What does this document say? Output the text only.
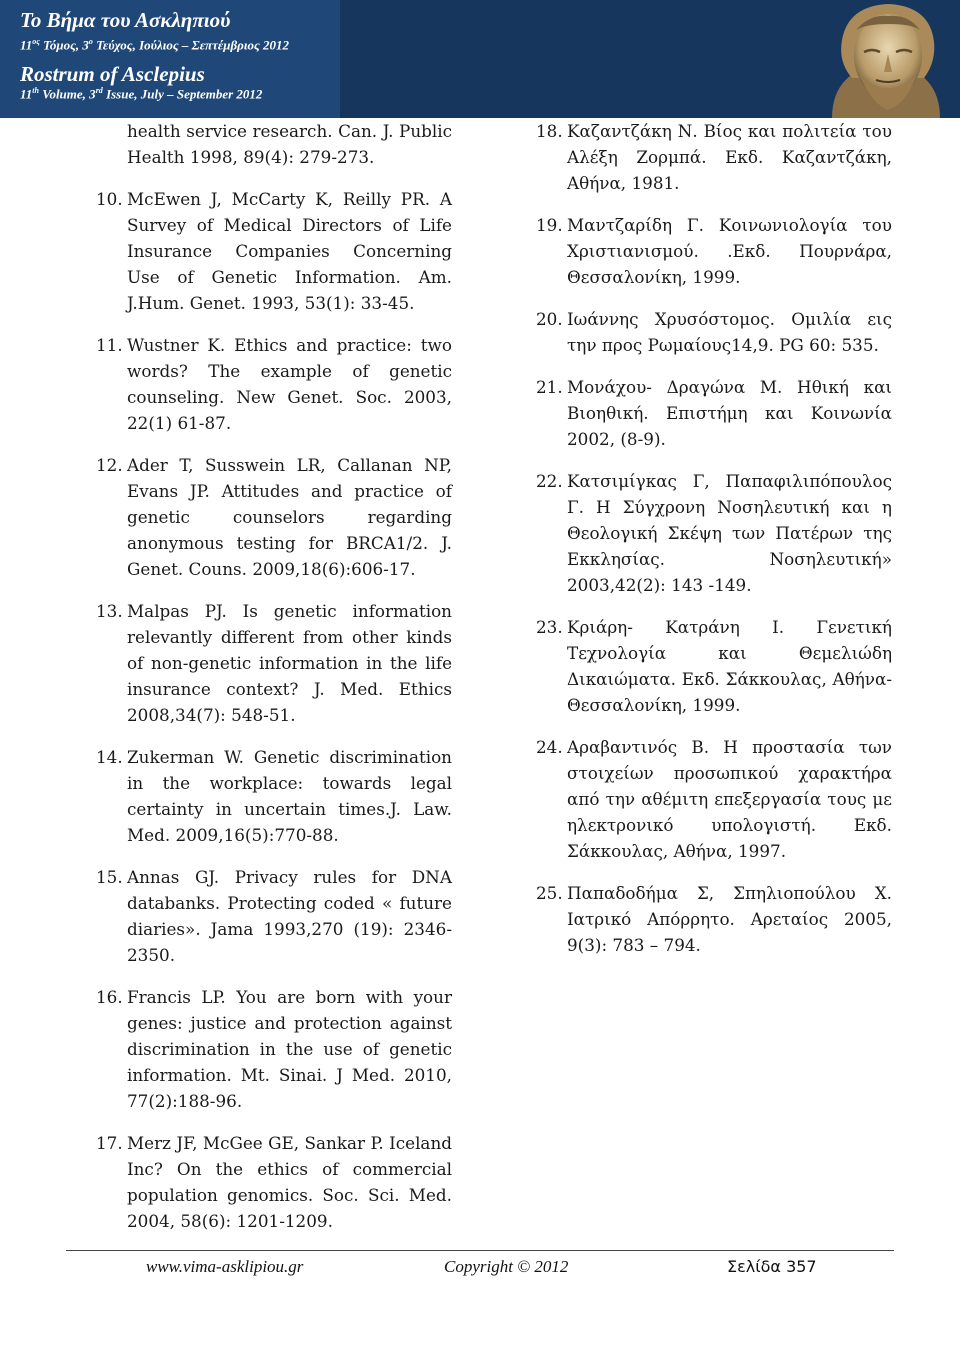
Το Βήμα του Ασκληπιού
$11^{o\varsigma}$ Τόμος, $3^o$ Τεύχος, Ιούλιος – Σεπτέμβριος 2012
Rostrum of Asclepius
11th Volume, 3rd Issue, July – September 2012
health service research. Can. J. Public Health 1998, 89(4): 279-273.
10. McEwen J, McCarty K, Reilly PR. A Survey of Medical Directors of Life Insurance Companies Concerning Use of Genetic Information. Am. J.Hum. Genet. 1993, 53(1): 33-45.
11. Wustner K. Ethics and practice: two words? The example of genetic counseling. New Genet. Soc. 2003, 22(1) 61-87.
12. Ader T, Susswein LR, Callanan NP, Evans JP. Attitudes and practice of genetic counselors regarding anonymous testing for BRCA1/2. J. Genet. Couns. 2009,18(6):606-17.
13. Malpas PJ. Is genetic information relevantly different from other kinds of non-genetic information in the life insurance context? J. Med. Ethics 2008,34(7): 548-51.
14. Zukerman W. Genetic discrimination in the workplace: towards legal certainty in uncertain times.J. Law. Med. 2009,16(5):770-88.
15. Annas GJ. Privacy rules for DNA databanks. Protecting coded « future diaries». Jama 1993,270 (19): 2346-2350.
16. Francis LP. You are born with your genes: justice and protection against discrimination in the use of genetic information. Mt. Sinai. J Med. 2010, 77(2):188-96.
17. Merz JF, McGee GE, Sankar P. Iceland Inc? On the ethics of commercial population genomics. Soc. Sci. Med. 2004, 58(6): 1201-1209.
18. Καζαντζάκη Ν. Βίος και πολιτεία του Αλέξη Ζορμπά. Εκδ. Καζαντζάκη, Αθήνα, 1981.
19. Μαντζαρίδη Γ. Κοινωνιολογία του Χριστιανισμού. .Εκδ. Πουρνάρα, Θεσσαλονίκη, 1999.
20. Ιωάννης Χρυσόστομος. Ομιλία εις την προς Ρωμαίους14,9. PG 60: 535.
21. Μονάχου- Δραγώνα Μ. Ηθική και Βιοηθική. Επιστήμη και Κοινωνία 2002, (8-9).
22. Κατσιμίγκας Γ, Παπαφιλιπόπουλος Γ. Η Σύγχρονη Νοσηλευτική και η Θεολογική Σκέψη των Πατέρων της Εκκλησίας. Νοσηλευτική» 2003,42(2): 143 -149.
23. Κριάρη- Κατράνη Ι. Γενετική Τεχνολογία και Θεμελιώδη Δικαιώματα. Εκδ. Σάκκουλας, Αθήνα-Θεσσαλονίκη, 1999.
24. Αραβαντινός Β. Η προστασία των στοιχείων προσωπικού χαρακτήρα από την αθέμιτη επεξεργασία τους με ηλεκτρονικό υπολογιστή. Εκδ. Σάκκουλας, Αθήνα, 1997.
25. Παπαδοδήμα Σ, Σπηλιοπούλου Χ. Ιατρικό Απόρρητο. Αρεταίος 2005, 9(3): 783 – 794.
www.vima-asklipiou.gr	Copyright © 2012	Σελίδα 357
